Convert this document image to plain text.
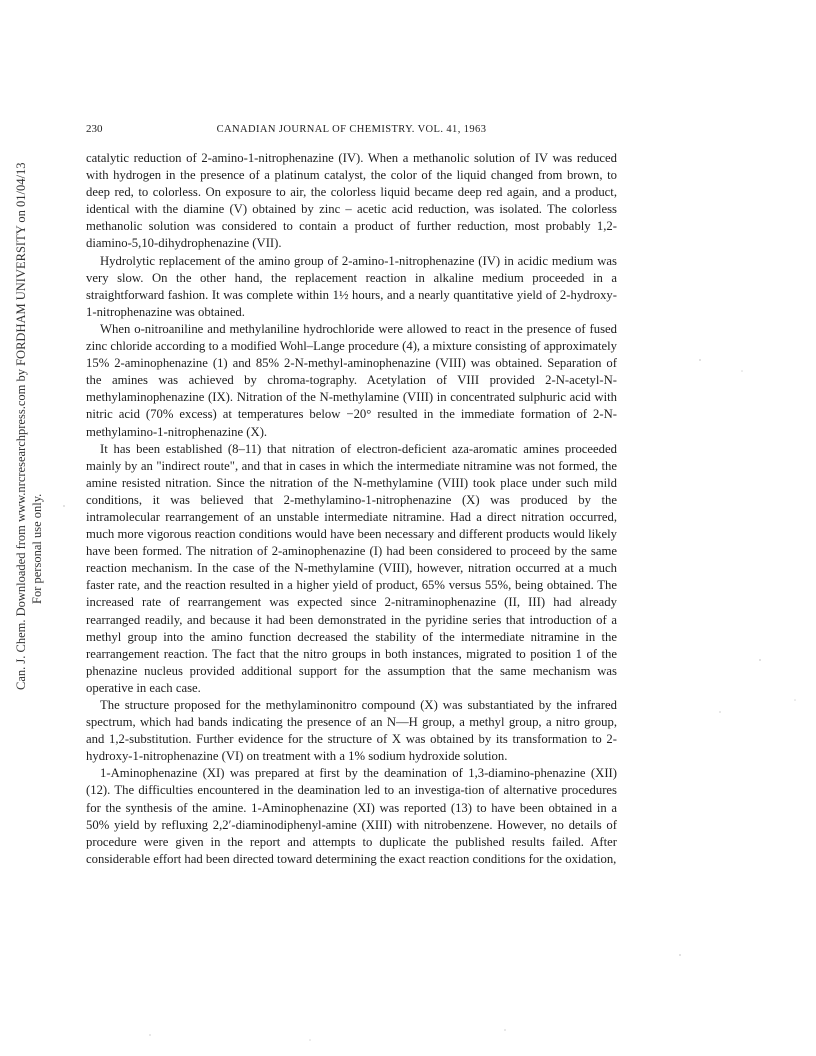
Can. J. Chem. Downloaded from www.nrcresearchpress.com by FORDHAM UNIVERSITY on 01/04/13 For personal use only.
230	CANADIAN JOURNAL OF CHEMISTRY. VOL. 41, 1963

catalytic reduction of 2-amino-1-nitrophenazine (IV). When a methanolic solution of IV was reduced with hydrogen in the presence of a platinum catalyst, the color of the liquid changed from brown, to deep red, to colorless. On exposure to air, the colorless liquid became deep red again, and a product, identical with the diamine (V) obtained by zinc – acetic acid reduction, was isolated. The colorless methanolic solution was considered to contain a product of further reduction, most probably 1,2-diamino-5,10-dihydrophenazine (VII).

Hydrolytic replacement of the amino group of 2-amino-1-nitrophenazine (IV) in acidic medium was very slow. On the other hand, the replacement reaction in alkaline medium proceeded in a straightforward fashion. It was complete within 1½ hours, and a nearly quantitative yield of 2-hydroxy-1-nitrophenazine was obtained.

When o-nitroaniline and methylaniline hydrochloride were allowed to react in the presence of fused zinc chloride according to a modified Wohl–Lange procedure (4), a mixture consisting of approximately 15% 2-aminophenazine (1) and 85% 2-N-methyl-aminophenazine (VIII) was obtained. Separation of the amines was achieved by chroma-tography. Acetylation of VIII provided 2-N-acetyl-N-methylaminophenazine (IX). Nitration of the N-methylamine (VIII) in concentrated sulphuric acid with nitric acid (70% excess) at temperatures below −20° resulted in the immediate formation of 2-N-methylamino-1-nitrophenazine (X).

It has been established (8–11) that nitration of electron-deficient aza-aromatic amines proceeded mainly by an "indirect route", and that in cases in which the intermediate nitramine was not formed, the amine resisted nitration. Since the nitration of the N-methylamine (VIII) took place under such mild conditions, it was believed that 2-methylamino-1-nitrophenazine (X) was produced by the intramolecular rearrangement of an unstable intermediate nitramine. Had a direct nitration occurred, much more vigorous reaction conditions would have been necessary and different products would likely have been formed. The nitration of 2-aminophenazine (I) had been considered to proceed by the same reaction mechanism. In the case of the N-methylamine (VIII), however, nitration occurred at a much faster rate, and the reaction resulted in a higher yield of product, 65% versus 55%, being obtained. The increased rate of rearrangement was expected since 2-nitraminophenazine (II, III) had already rearranged readily, and because it had been demonstrated in the pyridine series that introduction of a methyl group into the amino function decreased the stability of the intermediate nitramine in the rearrangement reaction. The fact that the nitro groups in both instances, migrated to position 1 of the phenazine nucleus provided additional support for the assumption that the same mechanism was operative in each case.

The structure proposed for the methylaminonitro compound (X) was substantiated by the infrared spectrum, which had bands indicating the presence of an N—H group, a methyl group, a nitro group, and 1,2-substitution. Further evidence for the structure of X was obtained by its transformation to 2-hydroxy-1-nitrophenazine (VI) on treatment with a 1% sodium hydroxide solution.

1-Aminophenazine (XI) was prepared at first by the deamination of 1,3-diamino-phenazine (XII) (12). The difficulties encountered in the deamination led to an investiga-tion of alternative procedures for the synthesis of the amine. 1-Aminophenazine (XI) was reported (13) to have been obtained in a 50% yield by refluxing 2,2′-diaminodiphenyl-amine (XIII) with nitrobenzene. However, no details of procedure were given in the report and attempts to duplicate the published results failed. After considerable effort had been directed toward determining the exact reaction conditions for the oxidation,
